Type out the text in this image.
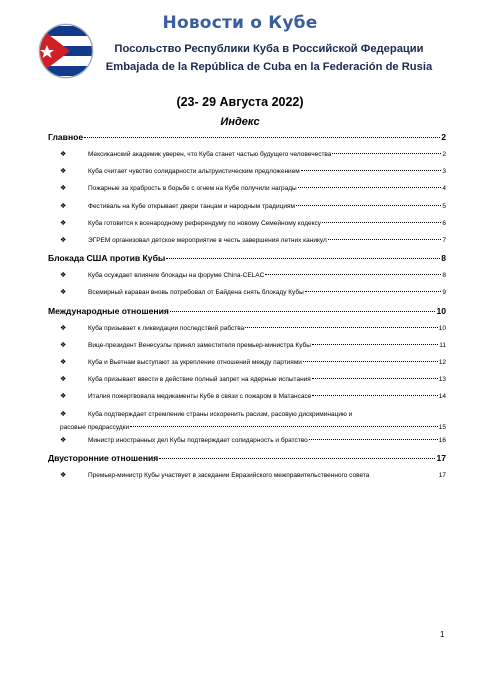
Новости о Кубе
Посольство Республики Куба в Российской Федерации
Embajada de la República de Cuba en la Federación de Rusia
(23- 29 Августа 2022)
Индекс
Главное	2
❖	Мексиканский академик уверен, что Куба станет частью будущего человечества	2
❖	Куба считает чувство солидарности альтруистическим предложением	3
❖	Пожарные за храбрость в борьбе с огнем на Кубе получили награды	4
❖	Фестиваль на Кубе открывает двери танцам и народным традициям	5
❖	Куба готовится к всенародному референдуму по новому Семейному кодексу	6
❖	ЭГРЕМ организовал детское мероприятие в честь завершения летних каникул	7
Блокада США против Кубы	8
❖	Куба осуждает влияние блокады на форуме China-CELAC	8
❖	Всемирный караван вновь потребовал от Байдена снять блокаду Кубы	9
Международные отношения	10
❖	Куба призывает к ликвидации последствий рабства	10
❖	Вице-президент Венесуэлы принял заместителя премьер-министра Кубы	11
❖	Куба и Вьетнам выступают за укрепление отношений между партиями	12
❖	Куба призывает ввести в действие полный запрет на ядерные испытания	13
❖	Италия пожертвовала медикаменты Кубе в связи с пожаром в Матансасе	14
❖	Куба подтверждает стремление страны искоренить расизм, расовую дискриминацию и
расовые предрассудки	15
❖	Министр иностранных дел Кубы подтверждает солидарность и братство	16
Двусторонние отношения	17
❖	Премьер-министр Кубы участвует в заседании Евразийского межправительственного совета	17
1
